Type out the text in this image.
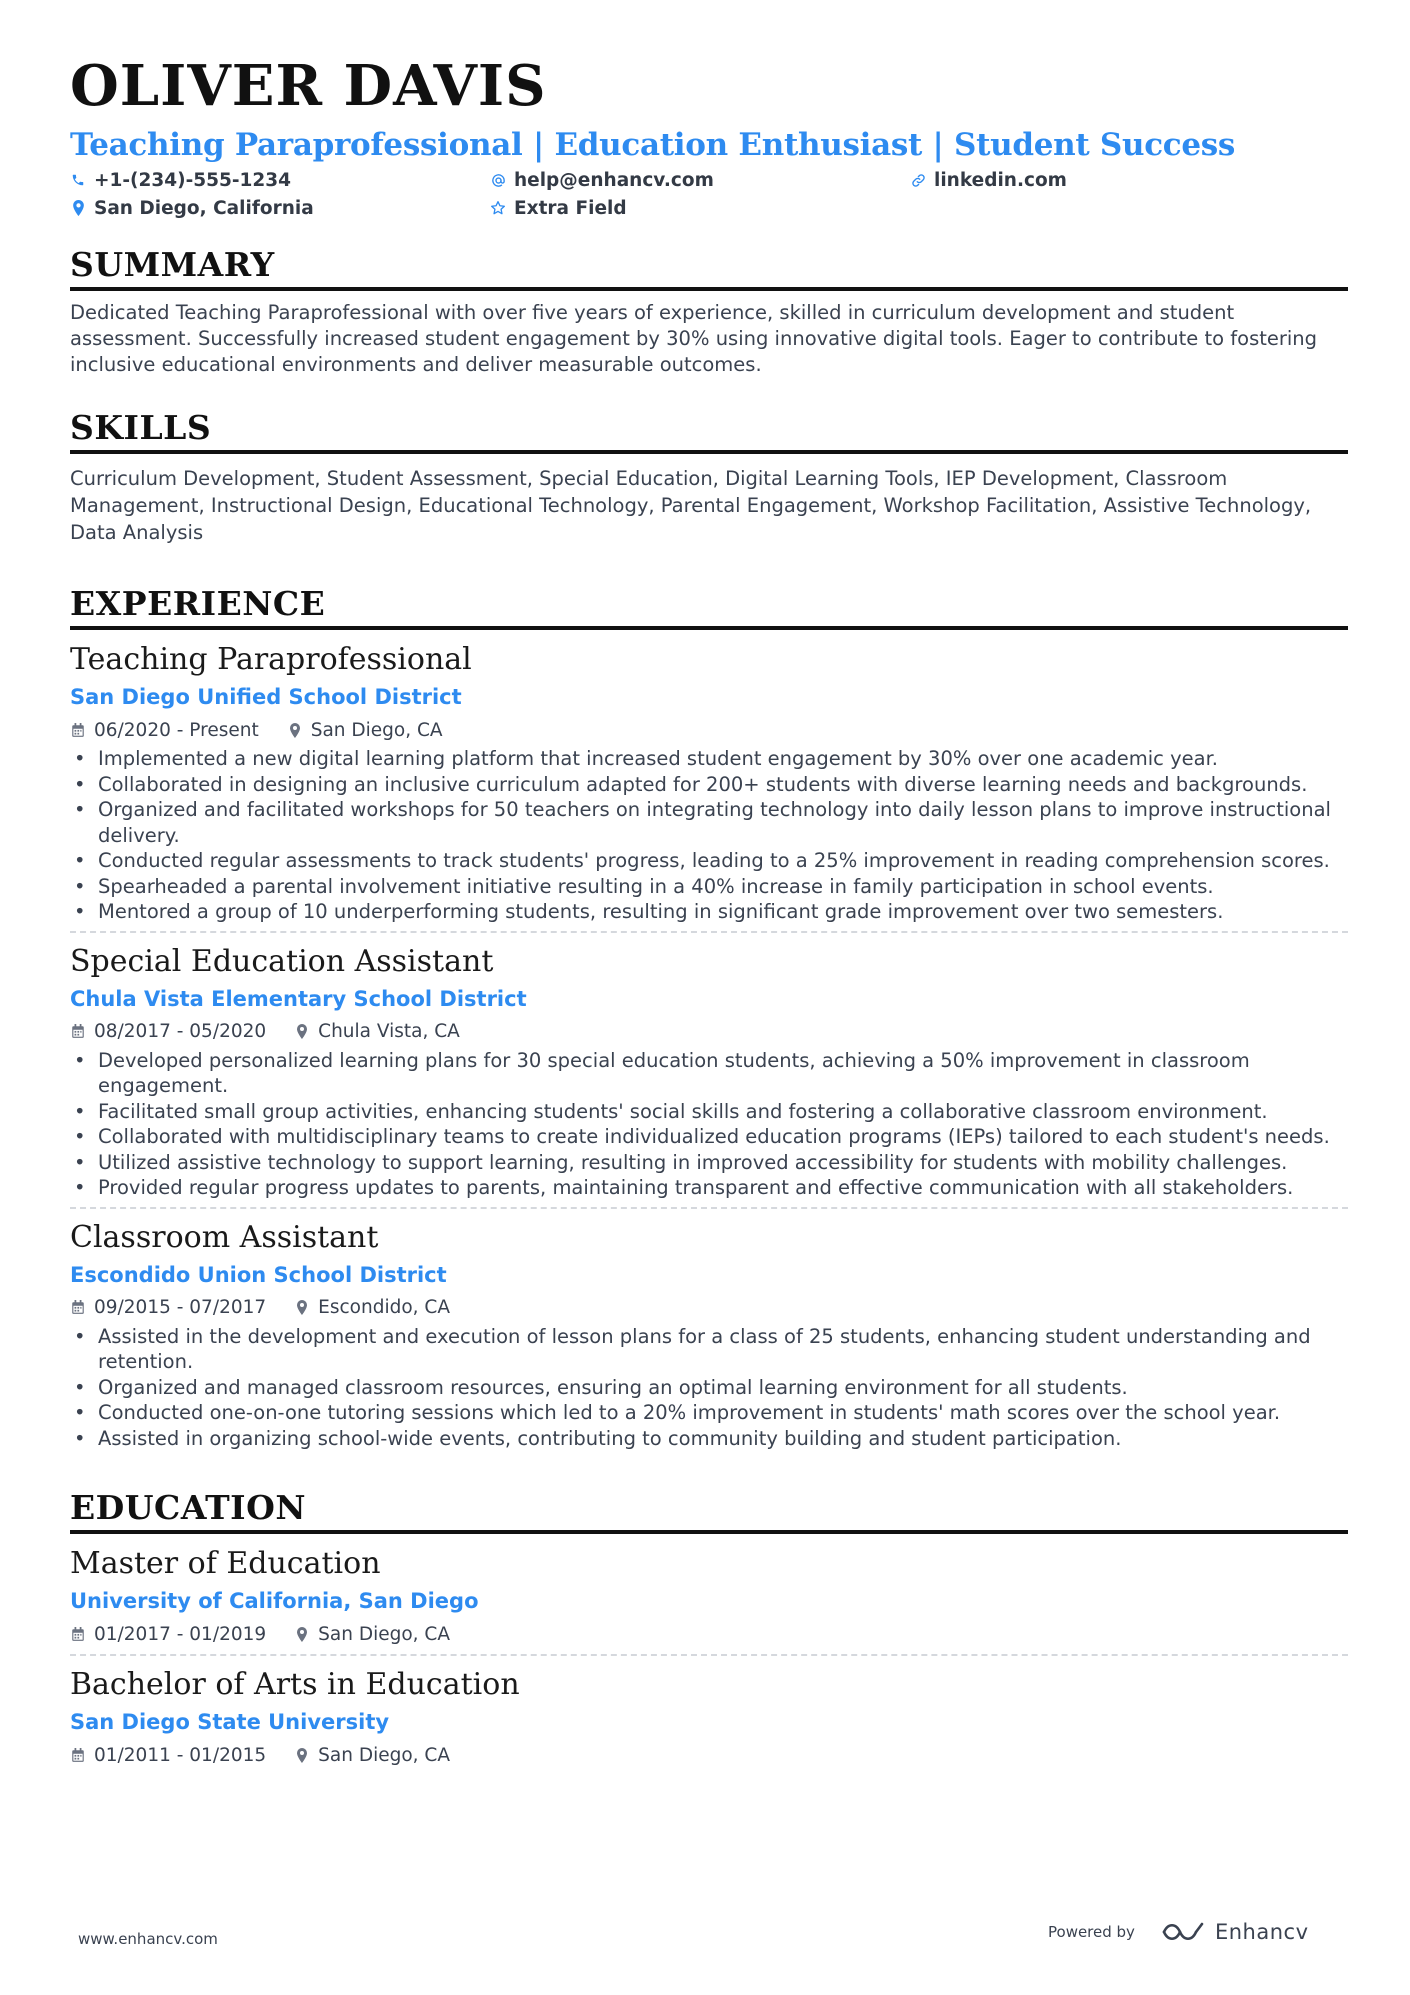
OLIVER DAVIS
Teaching Paraprofessional | Education Enthusiast | Student Success
+1-(234)-555-1234	help@enhancv.com	linkedin.com
San Diego, California	Extra Field
SUMMARY
Dedicated Teaching Paraprofessional with over five years of experience, skilled in curriculum development and student assessment. Successfully increased student engagement by 30% using innovative digital tools. Eager to contribute to fostering inclusive educational environments and deliver measurable outcomes.
SKILLS
Curriculum Development, Student Assessment, Special Education, Digital Learning Tools, IEP Development, Classroom Management, Instructional Design, Educational Technology, Parental Engagement, Workshop Facilitation, Assistive Technology, Data Analysis
EXPERIENCE
Teaching Paraprofessional
San Diego Unified School District
06/2020 - Present	San Diego, CA
• Implemented a new digital learning platform that increased student engagement by 30% over one academic year.
• Collaborated in designing an inclusive curriculum adapted for 200+ students with diverse learning needs and backgrounds.
• Organized and facilitated workshops for 50 teachers on integrating technology into daily lesson plans to improve instructional delivery.
• Conducted regular assessments to track students' progress, leading to a 25% improvement in reading comprehension scores.
• Spearheaded a parental involvement initiative resulting in a 40% increase in family participation in school events.
• Mentored a group of 10 underperforming students, resulting in significant grade improvement over two semesters.
Special Education Assistant
Chula Vista Elementary School District
08/2017 - 05/2020	Chula Vista, CA
• Developed personalized learning plans for 30 special education students, achieving a 50% improvement in classroom engagement.
• Facilitated small group activities, enhancing students' social skills and fostering a collaborative classroom environment.
• Collaborated with multidisciplinary teams to create individualized education programs (IEPs) tailored to each student's needs.
• Utilized assistive technology to support learning, resulting in improved accessibility for students with mobility challenges.
• Provided regular progress updates to parents, maintaining transparent and effective communication with all stakeholders.
Classroom Assistant
Escondido Union School District
09/2015 - 07/2017	Escondido, CA
• Assisted in the development and execution of lesson plans for a class of 25 students, enhancing student understanding and retention.
• Organized and managed classroom resources, ensuring an optimal learning environment for all students.
• Conducted one-on-one tutoring sessions which led to a 20% improvement in students' math scores over the school year.
• Assisted in organizing school-wide events, contributing to community building and student participation.
EDUCATION
Master of Education
University of California, San Diego
01/2017 - 01/2019	San Diego, CA
Bachelor of Arts in Education
San Diego State University
01/2011 - 01/2015	San Diego, CA
www.enhancv.com	Powered by	Enhancv
